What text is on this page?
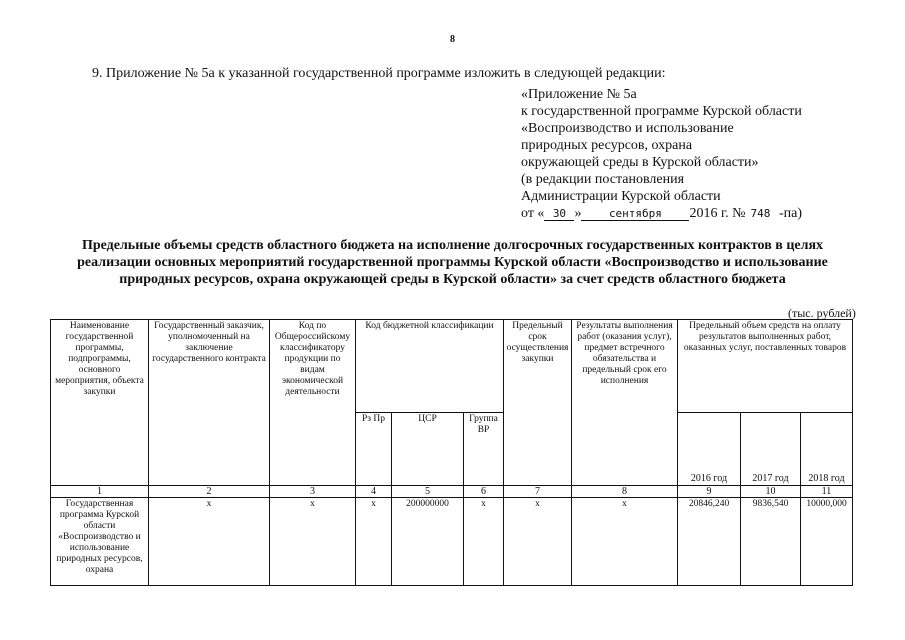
8
9. Приложение № 5а к указанной государственной программе изложить в следующей редакции:
«Приложение № 5а
к государственной программе Курской области
«Воспроизводство и использование
природных ресурсов, охрана
окружающей среды в Курской области»
(в редакции постановления
Администрации Курской области
от « 30 »	сентября 2016 г. № 748 -па)
Предельные объемы средств областного бюджета на исполнение долгосрочных государственных контрактов в целях реализации основных мероприятий государственной программы Курской области «Воспроизводство и использование природных ресурсов, охрана окружающей среды в Курской области» за счет средств областного бюджета
(тыс. рублей)
Наименование государственной программы, подпрограммы, основного мероприятия, объекта закупки	Государственный заказчик, уполномоченный на заключение государственного контракта	Код по Общероссийскому классификатору продукции по видам экономической деятельности	Код бюджетной классификации			Предельный срок осуществления закупки	Результаты выполнения работ (оказания услуг), предмет встречного обязательства и предельный срок его исполнения	Предельный объем средств на оплату результатов выполненных работ, оказанных услуг, поставленных товаров		
			Рз Пр	ЦСР	Группа ВР			2016 год	2017 год	2018 год
1	2	3	4	5	6	7	8	9	10	11
Государственная программа Курской области «Воспроизводство и использование природных ресурсов, охрана	x	x	x	200000000	x	x	x	20846,240	9836,540	10000,000
